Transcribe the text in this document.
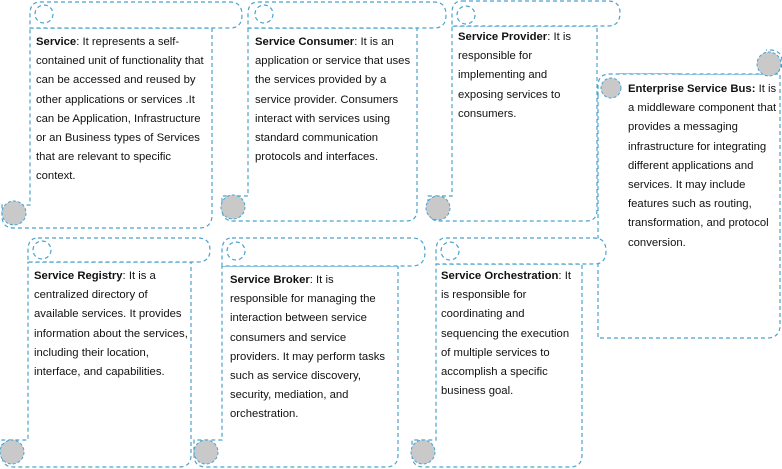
Service: It represents a self-contained unit of functionality that can be accessed and reused by other applications or services .It can be Application, Infrastructure or an Business types of Services that are relevant to specific context.

Service Consumer: It is an application or service that uses the services provided by a service provider. Consumers interact with services using standard communication protocols and interfaces.

Service Provider: It is responsible for implementing and exposing services to consumers.

Enterprise Service Bus: It is a middleware component that provides a messaging infrastructure for integrating different applications and services. It may include features such as routing, transformation, and protocol conversion.

Service Registry: It is a centralized directory of available services. It provides information about the services, including their location, interface, and capabilities.

Service Broker: It is responsible for managing the interaction between service consumers and service providers. It may perform tasks such as service discovery, security, mediation, and orchestration.

Service Orchestration: It is responsible for coordinating and sequencing the execution of multiple services to accomplish a specific business goal.
